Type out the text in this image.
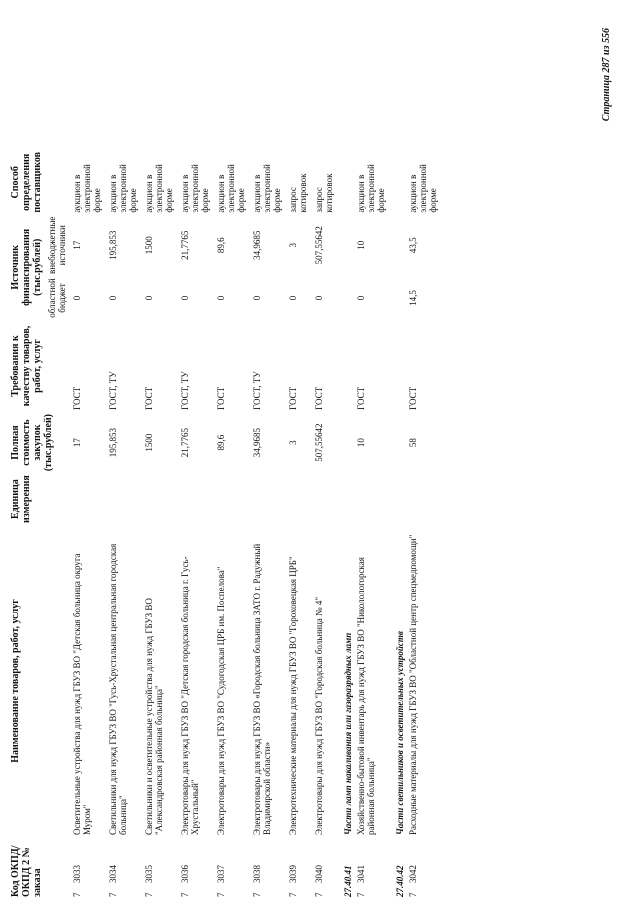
Код ОКПД/ ОКПД 2 № заказа	Наименование товаров, работ, услуг	Единица измерения	Полная стоимость закупок (тыс.рублей)	Требования к качеству товаров, работ, услуг	Источник финансирования (тыс.рублей)		Способ определения поставщиков
					областной бюджет	внебюджетные источники	
73033	Осветительные устройства для нужд ГБУЗ ВО "Детская больница округа Муром"		17	ГОСТ	0	17	аукцион в электронной форме
73034	Светильники для нужд ГБУЗ ВО "Гусь-Хрустальная центральная городская больница"		195,853	ГОСТ, ТУ	0	195,853	аукцион в электронной форме
73035	Светильники и осветительные устройства для нужд ГБУЗ ВО "Александровская районная больница"		1500	ГОСТ	0	1500	аукцион в электронной форме
73036	Электротовары для нужд ГБУЗ ВО "Детская городская больница г. Гусь-Хрустальный"		21,7765	ГОСТ, ТУ	0	21,7765	аукцион в электронной форме
73037	Электротовары для нужд ГБУЗ ВО "Судогодская ЦРБ им. Поспелова"		89,6	ГОСТ	0	89,6	аукцион в электронной форме
73038	Электротовары для нужд ГБУЗ ВО «Городская больница ЗАТО г. Радужный Владимирской области»		34,9685	ГОСТ, ТУ	0	34,9685	аукцион в электронной форме
73039	Электротехнические материалы для нужд ГБУЗ ВО "Гороховецкая ЦРБ"		3	ГОСТ	0	3	запрос котировок
73040	Электротовары для нужд ГБУЗ ВО "Городская больница № 4"		507,55642	ГОСТ	0	507,55642	запрос котировок
27.40.41	Части ламп накаливания или газоразрядных ламп						
73041	Хозяйственно-бытовой инвентарь для нужд ГБУЗ ВО "Николологорская районная больница"		10	ГОСТ	0	10	аукцион в электронной форме
27.40.42	Части светильников и осветительных устройств						
73042	Расходные материалы для нужд ГБУЗ ВО "Областной центр спецмедпомощи"		58	ГОСТ	14,5	43,5	аукцион в электронной форме
Страница 287 из 556
